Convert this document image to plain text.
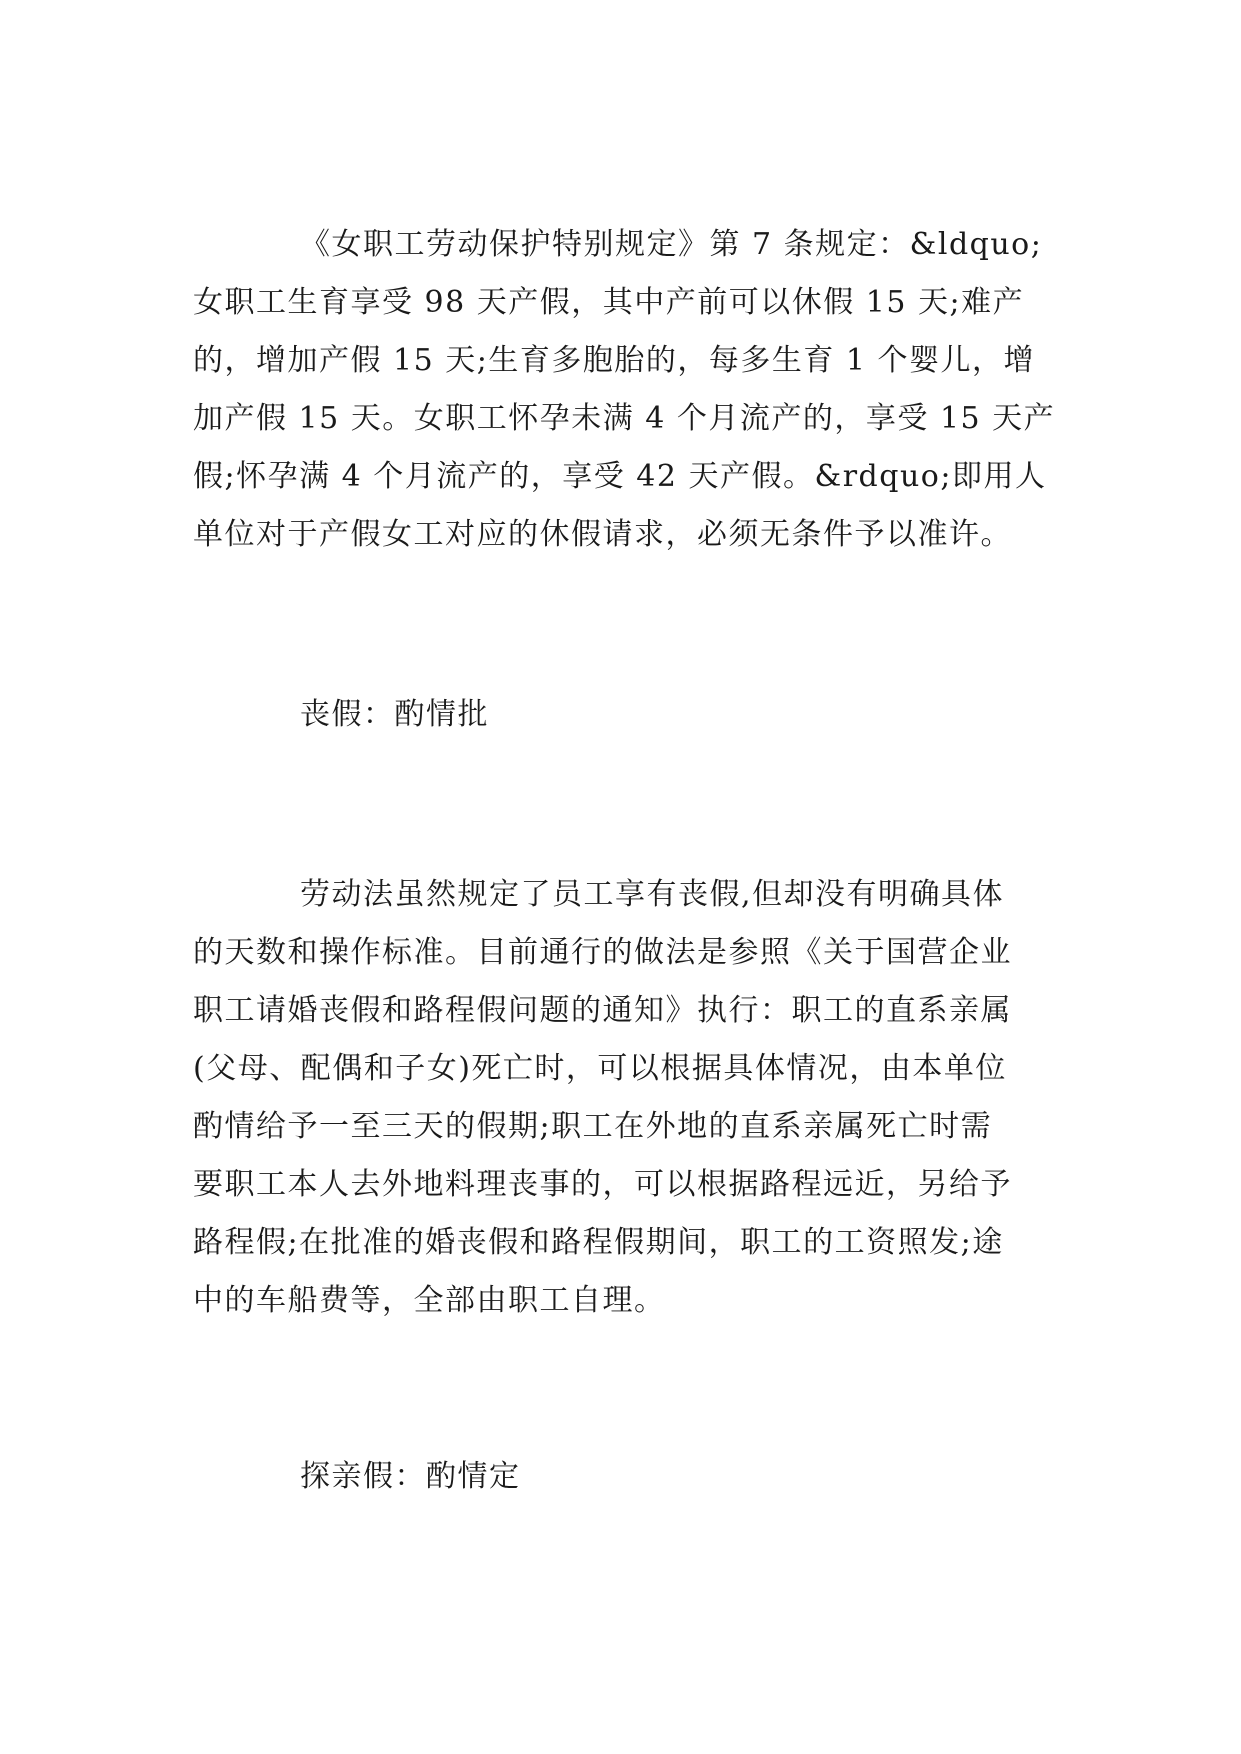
《女职工劳动保护特别规定》第 7 条规定：&ldquo;
女职工生育享受 98 天产假，其中产前可以休假 15 天;难产
的，增加产假 15 天;生育多胞胎的，每多生育 1 个婴儿，增
加产假 15 天。女职工怀孕未满 4 个月流产的，享受 15 天产
假;怀孕满 4 个月流产的，享受 42 天产假。&rdquo;即用人
单位对于产假女工对应的休假请求，必须无条件予以准许。
丧假：酌情批
劳动法虽然规定了员工享有丧假,但却没有明确具体
的天数和操作标准。目前通行的做法是参照《关于国营企业
职工请婚丧假和路程假问题的通知》执行：职工的直系亲属
(父母、配偶和子女)死亡时，可以根据具体情况，由本单位
酌情给予一至三天的假期;职工在外地的直系亲属死亡时需
要职工本人去外地料理丧事的，可以根据路程远近，另给予
路程假;在批准的婚丧假和路程假期间，职工的工资照发;途
中的车船费等，全部由职工自理。
探亲假：酌情定
